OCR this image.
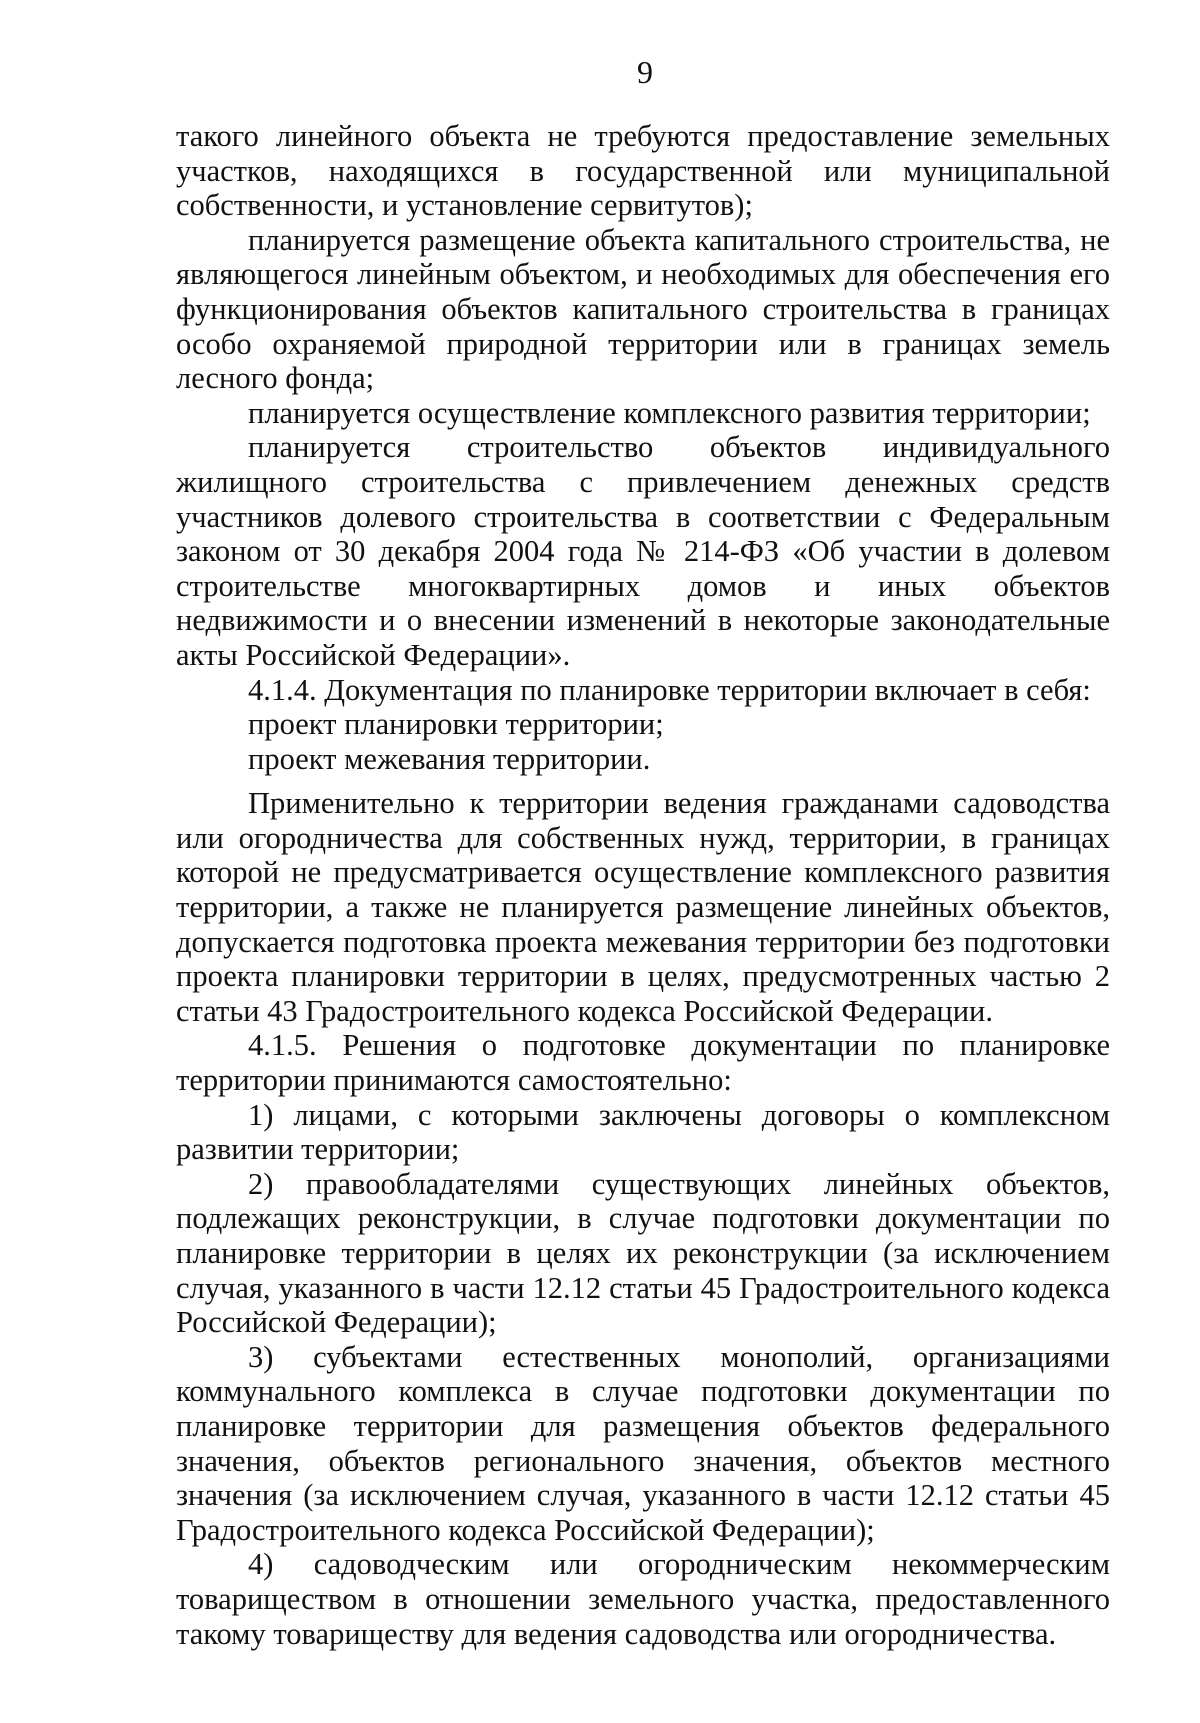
9

такого линейного объекта не требуются предоставление земельных участков, находящихся в государственной или муниципальной собственности, и установление сервитутов);

планируется размещение объекта капитального строительства, не являющегося линейным объектом, и необходимых для обеспечения его функционирования объектов капитального строительства в границах особо охраняемой природной территории или в границах земель лесного фонда;

планируется осуществление комплексного развития территории;

планируется строительство объектов индивидуального жилищного строительства с привлечением денежных средств участников долевого строительства в соответствии с Федеральным законом от 30 декабря 2004 года № 214-ФЗ «Об участии в долевом строительстве многоквартирных домов и иных объектов недвижимости и о внесении изменений в некоторые законодательные акты Российской Федерации».

4.1.4. Документация по планировке территории включает в себя:

проект планировки территории;

проект межевания территории.

Применительно к территории ведения гражданами садоводства или огородничества для собственных нужд, территории, в границах которой не предусматривается осуществление комплексного развития территории, а также не планируется размещение линейных объектов, допускается подготовка проекта межевания территории без подготовки проекта планировки территории в целях, предусмотренных частью 2 статьи 43 Градостроительного кодекса Российской Федерации.

4.1.5. Решения о подготовке документации по планировке территории принимаются самостоятельно:

1) лицами, с которыми заключены договоры о комплексном развитии территории;

2) правообладателями существующих линейных объектов, подлежащих реконструкции, в случае подготовки документации по планировке территории в целях их реконструкции (за исключением случая, указанного в части 12.12 статьи 45 Градостроительного кодекса Российской Федерации);

3) субъектами естественных монополий, организациями коммунального комплекса в случае подготовки документации по планировке территории для размещения объектов федерального значения, объектов регионального значения, объектов местного значения (за исключением случая, указанного в части 12.12 статьи 45 Градостроительного кодекса Российской Федерации);

4) садоводческим или огородническим некоммерческим товариществом в отношении земельного участка, предоставленного такому товариществу для ведения садоводства или огородничества.
